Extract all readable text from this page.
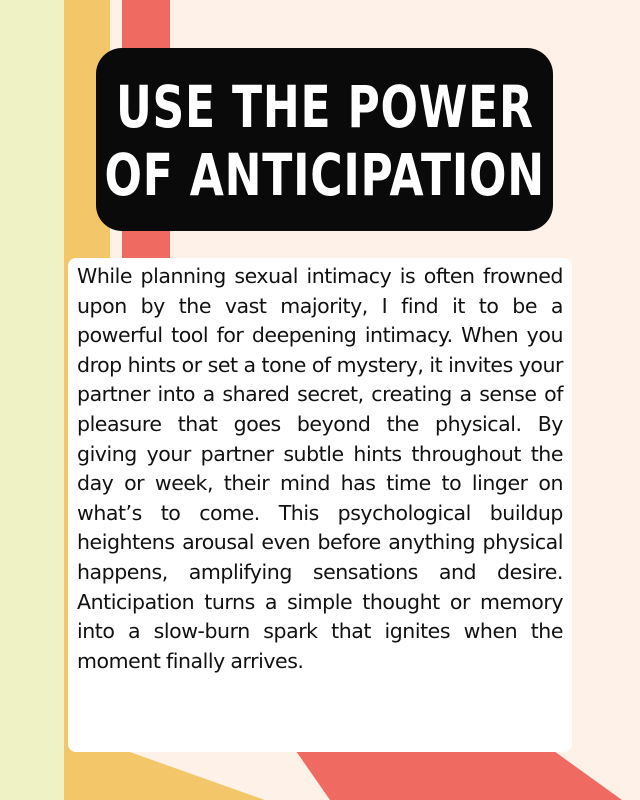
USE THE POWER
OF ANTICIPATION

While planning sexual intimacy is often frowned upon by the vast majority, I find it to be a powerful tool for deepening intimacy. When you drop hints or set a tone of mystery, it invites your partner into a shared secret, creating a sense of pleasure that goes beyond the physical. By giving your partner subtle hints throughout the day or week, their mind has time to linger on what’s to come. This psychological buildup heightens arousal even before anything physical happens, amplifying sensations and desire. Anticipation turns a simple thought or memory into a slow-burn spark that ignites when the moment finally arrives.
